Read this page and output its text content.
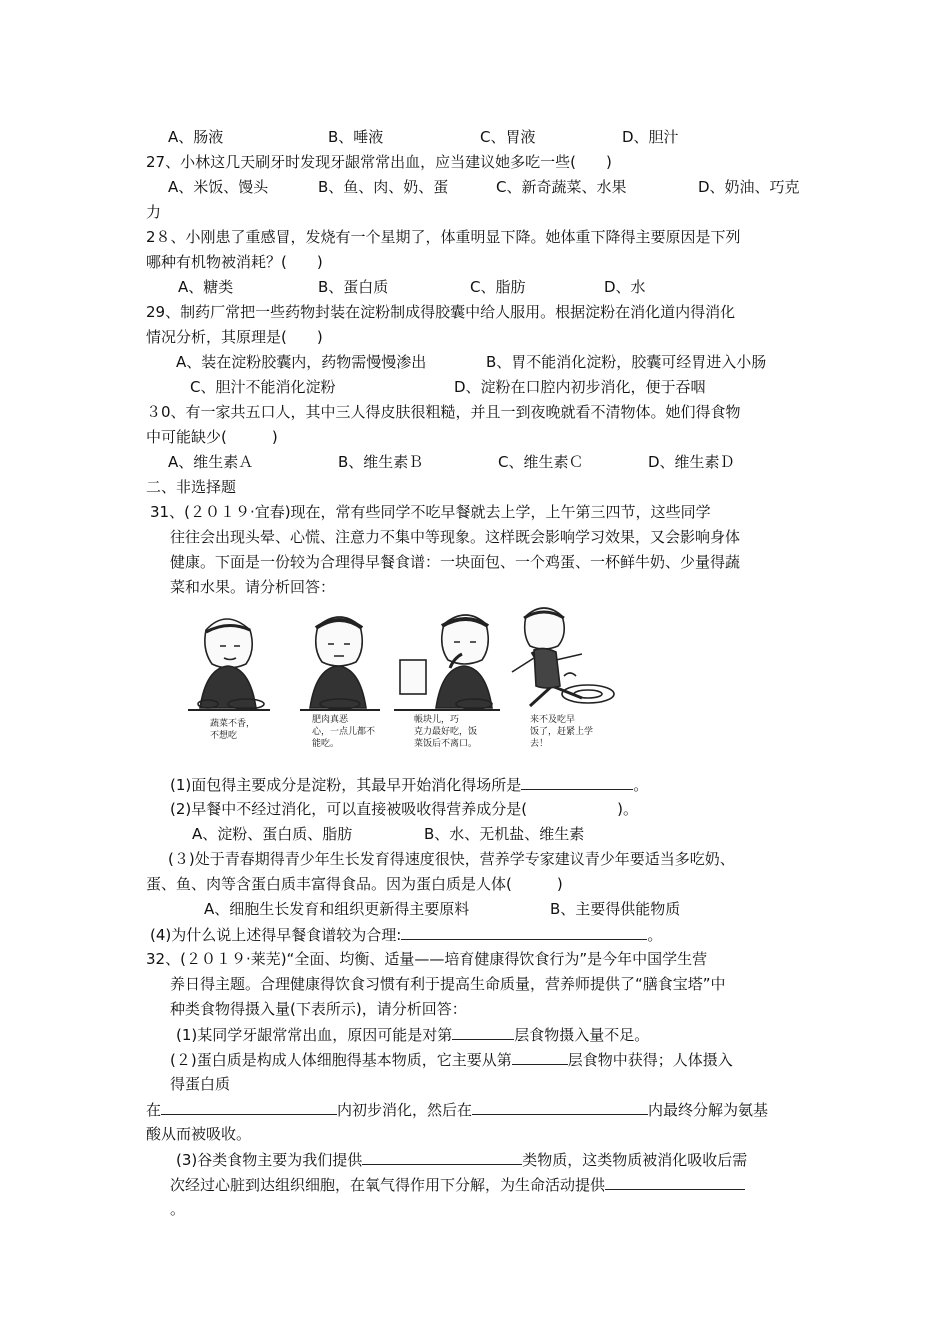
A、肠液	B、唾液	C、胃液	D、胆汁
27、小林这几天刷牙时发现牙龈常常出血，应当建议她多吃一些(　　)
A、米饭、馒头	B、鱼、肉、奶、蛋	C、新奇蔬菜、水果	D、奶油、巧克
力
2８、小刚患了重感冒，发烧有一个星期了，体重明显下降。她体重下降得主要原因是下列
哪种有机物被消耗？(　　)
A、糖类	B、蛋白质	C、脂肪	D、水
29、制药厂常把一些药物封装在淀粉制成得胶囊中给人服用。根据淀粉在消化道内得消化
情况分析，其原理是(　　)
A、装在淀粉胶囊内，药物需慢慢渗出	B、胃不能消化淀粉，胶囊可经胃进入小肠
C、胆汁不能消化淀粉	D、淀粉在口腔内初步消化，便于吞咽
３0、有一家共五口人，其中三人得皮肤很粗糙，并且一到夜晚就看不清物体。她们得食物
中可能缺少(　　　)
A、维生素Ａ	B、维生素Ｂ	C、维生素Ｃ	D、维生素Ｄ
二、非选择题
31、(２０１９·宜春)现在，常有些同学不吃早餐就去上学，上午第三四节，这些同学
往往会出现头晕、心慌、注意力不集中等现象。这样既会影响学习效果，又会影响身体
健康。下面是一份较为合理得早餐食谱：一块面包、一个鸡蛋、一杯鲜牛奶、少量得蔬
菜和水果。请分析回答：
蔬菜不香，
不想吃
肥肉真恶
心，一点儿都不
能吃。
帳块儿，巧
克力最好吃，饭
菜饭后不离口。
来不及吃早
饭了，赶紧上学
去！
(1)面包得主要成分是淀粉，其最早开始消化得场所是	。
(2)早餐中不经过消化，可以直接被吸收得营养成分是(　　　　　　)。
A、淀粉、蛋白质、脂肪	B、水、无机盐、维生素
(３)处于青春期得青少年生长发育得速度很快，营养学专家建议青少年要适当多吃奶、
蛋、鱼、肉等含蛋白质丰富得食品。因为蛋白质是人体(　　　)
A、细胞生长发育和组织更新得主要原料	B、主要得供能物质
(4)为什么说上述得早餐食谱较为合理:	。
32、(２０１９·莱芜)“全面、均衡、适量——培育健康得饮食行为”是今年中国学生营
养日得主题。合理健康得饮食习惯有利于提高生命质量，营养师提供了“膳食宝塔”中
种类食物得摄入量(下表所示)，请分析回答：
(1)某同学牙龈常常出血，原因可能是对第	层食物摄入量不足。
(２)蛋白质是构成人体细胞得基本物质，它主要从第	层食物中获得；人体摄入
得蛋白质
在	内初步消化，然后在	内最终分解为氨基
酸从而被吸收。
(3)谷类食物主要为我们提供	类物质，这类物质被消化吸收后需
次经过心脏到达组织细胞，在氧气得作用下分解，为生命活动提供
。
